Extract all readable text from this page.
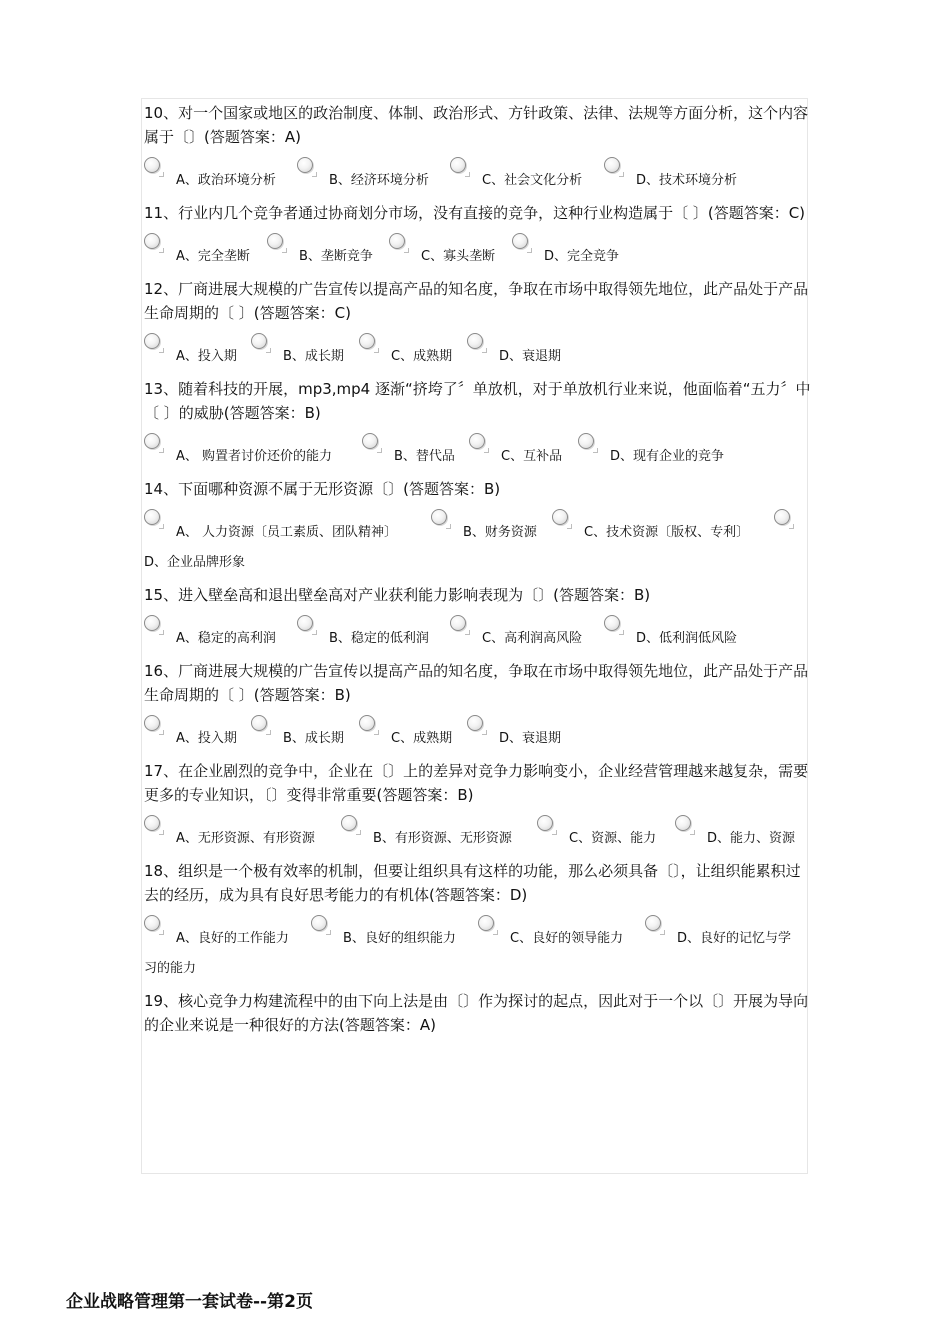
10、对一个国家或地区的政治制度、体制、政治形式、方针政策、法律、法规等方面分析，这个内容属于〔〕(答题答案：A)

A、政治环境分析	B、经济环境分析	C、社会文化分析	D、技术环境分析

11、行业内几个竞争者通过协商划分市场，没有直接的竞争，这种行业构造属于〔 〕(答题答案：C)

A、完全垄断	B、垄断竞争	C、寡头垄断	D、完全竞争

12、厂商进展大规模的广告宣传以提高产品的知名度，争取在市场中取得领先地位，此产品处于产品生命周期的〔 〕(答题答案：C)

A、投入期	B、成长期	C、成熟期	D、衰退期

13、随着科技的开展，mp3,mp4 逐渐“挤垮了〞单放机，对于单放机行业来说，他面临着“五力〞中〔 〕的威胁(答题答案：B)

A、 购置者讨价还价的能力	B、替代品	C、互补品	D、现有企业的竞争

14、下面哪种资源不属于无形资源〔〕(答题答案：B)

A、 人力资源〔员工素质、团队精神〕	B、财务资源	C、技术资源〔版权、专利〕

D、企业品牌形象

15、进入壁垒高和退出壁垒高对产业获利能力影响表现为〔〕(答题答案：B)

A、稳定的高利润	B、稳定的低利润	C、高利润高风险	D、低利润低风险

16、厂商进展大规模的广告宣传以提高产品的知名度，争取在市场中取得领先地位，此产品处于产品生命周期的〔 〕(答题答案：B)

A、投入期	B、成长期	C、成熟期	D、衰退期

17、在企业剧烈的竞争中，企业在〔〕上的差异对竞争力影响变小，企业经营管理越来越复杂，需要更多的专业知识，〔〕变得非常重要(答题答案：B)

A、无形资源、有形资源	B、有形资源、无形资源	C、资源、能力	D、能力、资源

18、组织是一个极有效率的机制，但要让组织具有这样的功能，那么必须具备〔〕，让组织能累积过去的经历，成为具有良好思考能力的有机体(答题答案：D)

A、良好的工作能力	B、良好的组织能力	C、良好的领导能力	D、良好的记忆与学

习的能力

19、核心竞争力构建流程中的由下向上法是由〔〕作为探讨的起点，因此对于一个以〔〕开展为导向的企业来说是一种很好的方法(答题答案：A)

企业战略管理第一套试卷--第2页
